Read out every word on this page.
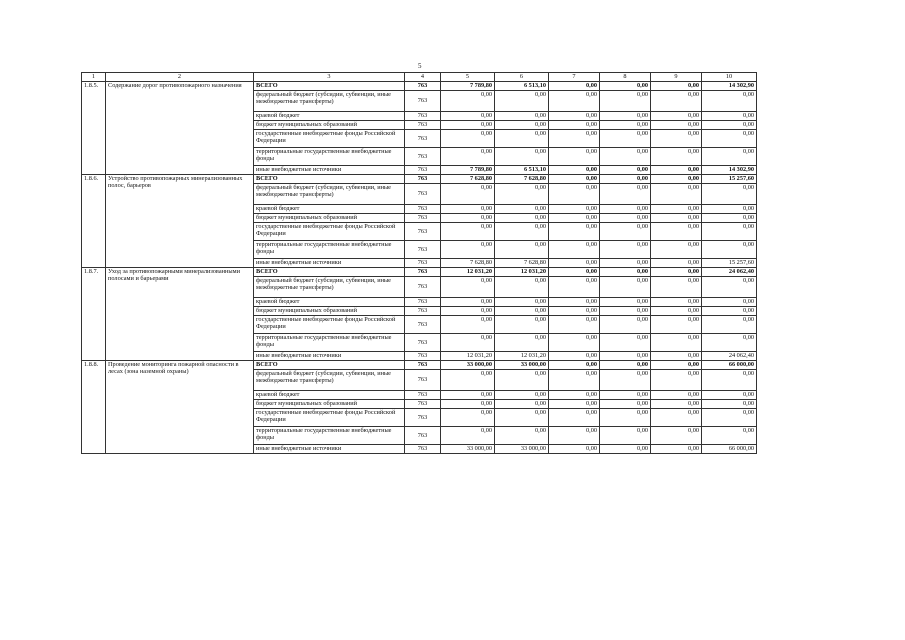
5
1	2	3	4	5	6	7	8	9	10
1.8.5.	Содержание дорог противопожарного назначения	ВСЕГО	763	7 789,80	6 513,10	0,00	0,00	0,00	14 302,90
		федеральный бюджет (субсидии, субвенции, иные межбюджетные трансферты)	763	0,00	0,00	0,00	0,00	0,00	0,00
		краевой бюджет	763	0,00	0,00	0,00	0,00	0,00	0,00
		бюджет муниципальных образований	763	0,00	0,00	0,00	0,00	0,00	0,00
		государственные внебюджетные фонды Российской Федерации	763	0,00	0,00	0,00	0,00	0,00	0,00
		территориальные государственные внебюджетные фонды	763	0,00	0,00	0,00	0,00	0,00	0,00
		иные внебюджетные источники	763	7 789,80	6 513,10	0,00	0,00	0,00	14 302,90
1.8.6.	Устройство противопожарных минерализованных полос, барьеров	ВСЕГО	763	7 628,80	7 628,80	0,00	0,00	0,00	15 257,60
		федеральный бюджет (субсидии, субвенции, иные межбюджетные трансферты)	763	0,00	0,00	0,00	0,00	0,00	0,00
		краевой бюджет	763	0,00	0,00	0,00	0,00	0,00	0,00
		бюджет муниципальных образований	763	0,00	0,00	0,00	0,00	0,00	0,00
		государственные внебюджетные фонды Российской Федерации	763	0,00	0,00	0,00	0,00	0,00	0,00
		территориальные государственные внебюджетные фонды	763	0,00	0,00	0,00	0,00	0,00	0,00
		иные внебюджетные источники	763	7 628,80	7 628,80	0,00	0,00	0,00	15 257,60
1.8.7.	Уход за противопожарными минерализованными полосами и барьерами	ВСЕГО	763	12 031,20	12 031,20	0,00	0,00	0,00	24 062,40
		федеральный бюджет (субсидии, субвенции, иные межбюджетные трансферты)	763	0,00	0,00	0,00	0,00	0,00	0,00
		краевой бюджет	763	0,00	0,00	0,00	0,00	0,00	0,00
		бюджет муниципальных образований	763	0,00	0,00	0,00	0,00	0,00	0,00
		государственные внебюджетные фонды Российской Федерации	763	0,00	0,00	0,00	0,00	0,00	0,00
		территориальные государственные внебюджетные фонды	763	0,00	0,00	0,00	0,00	0,00	0,00
		иные внебюджетные источники	763	12 031,20	12 031,20	0,00	0,00	0,00	24 062,40
1.8.8.	Проведение мониторинга пожарной опасности в лесах (зона наземной охраны)	ВСЕГО	763	33 000,00	33 000,00	0,00	0,00	0,00	66 000,00
		федеральный бюджет (субсидии, субвенции, иные межбюджетные трансферты)	763	0,00	0,00	0,00	0,00	0,00	0,00
		краевой бюджет	763	0,00	0,00	0,00	0,00	0,00	0,00
		бюджет муниципальных образований	763	0,00	0,00	0,00	0,00	0,00	0,00
		государственные внебюджетные фонды Российской Федерации	763	0,00	0,00	0,00	0,00	0,00	0,00
		территориальные государственные внебюджетные фонды	763	0,00	0,00	0,00	0,00	0,00	0,00
		иные внебюджетные источники	763	33 000,00	33 000,00	0,00	0,00	0,00	66 000,00
